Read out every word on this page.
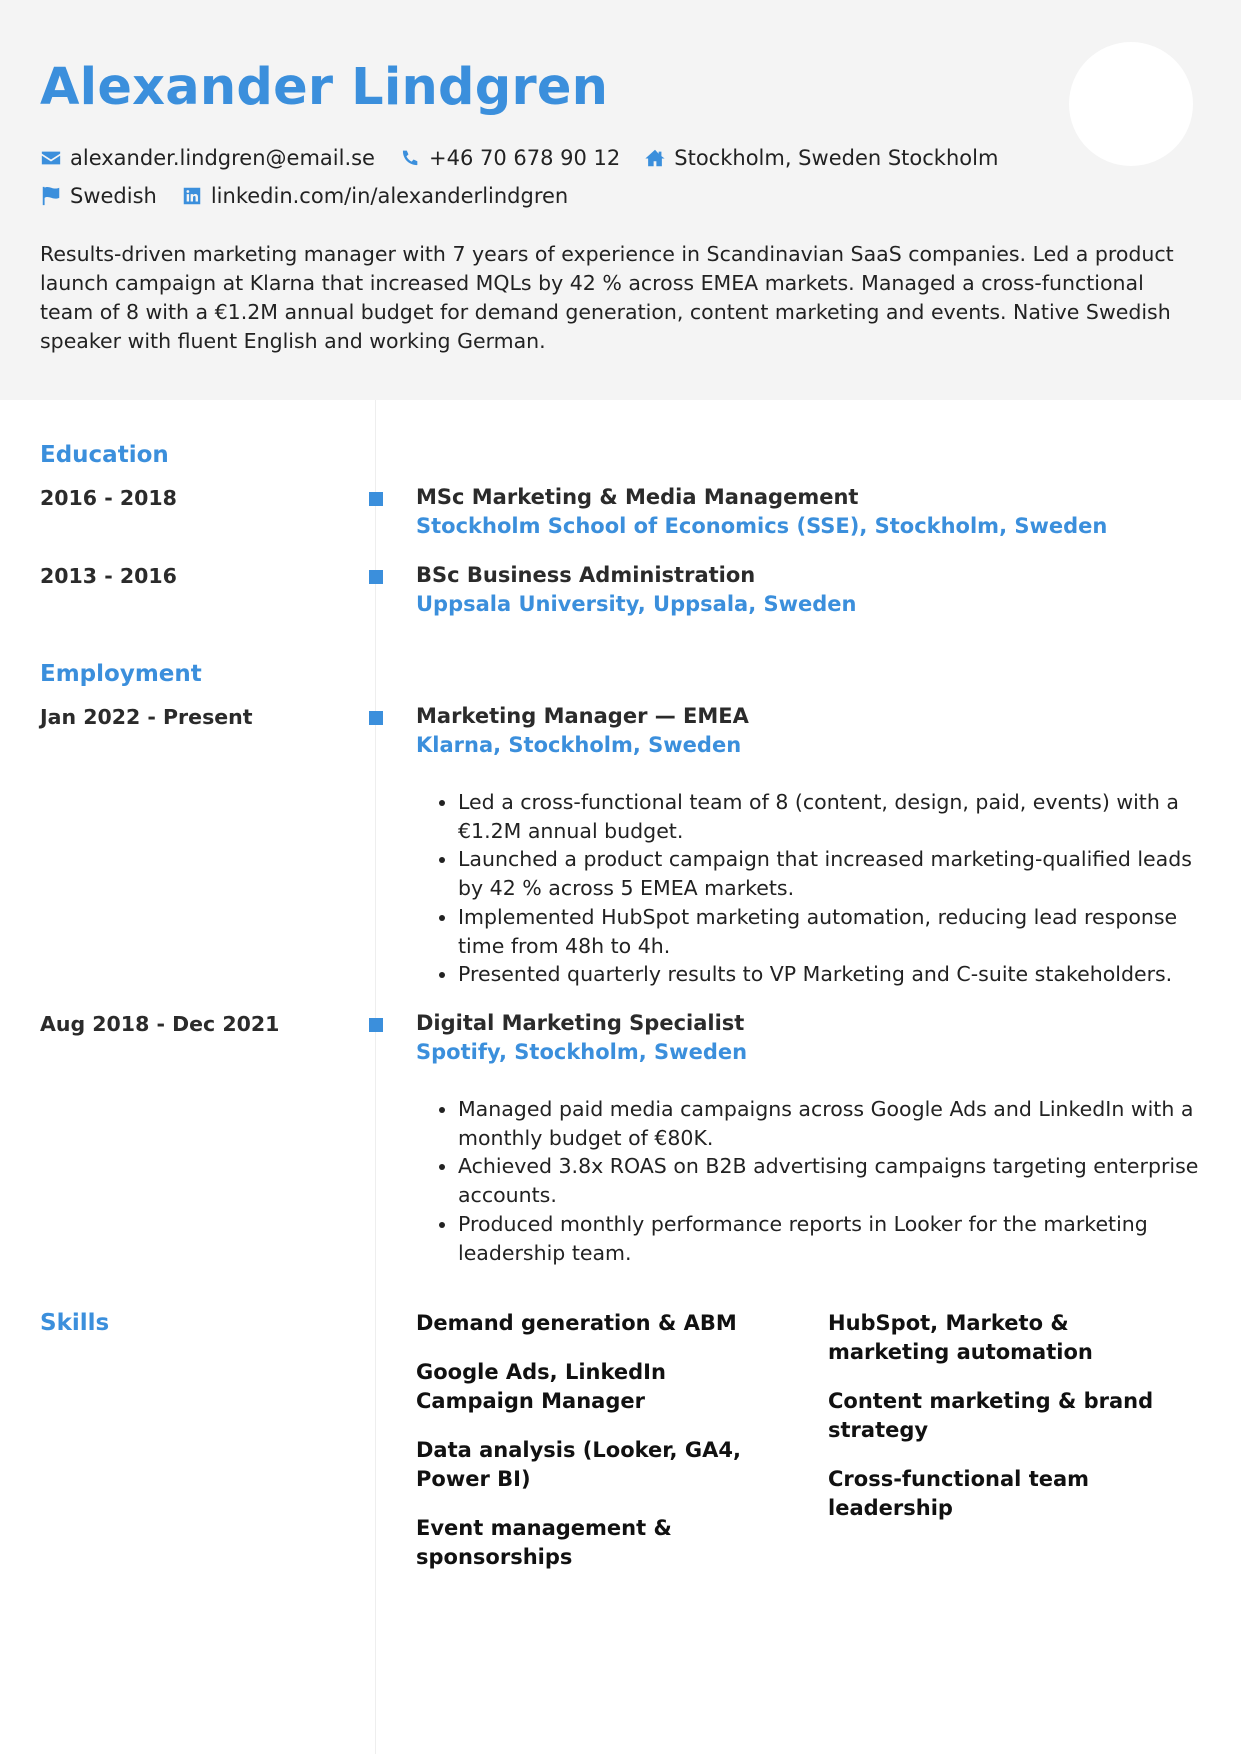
Alexander Lindgren
alexander.lindgren@email.se	+46 70 678 90 12	Stockholm, Sweden Stockholm
Swedish	linkedin.com/in/alexanderlindgren

Results-driven marketing manager with 7 years of experience in Scandinavian SaaS companies. Led a product launch campaign at Klarna that increased MQLs by 42 % across EMEA markets. Managed a cross-functional team of 8 with a €1.2M annual budget for demand generation, content marketing and events. Native Swedish speaker with fluent English and working German.

Education
2016 - 2018	MSc Marketing & Media Management
Stockholm School of Economics (SSE), Stockholm, Sweden
2013 - 2016	BSc Business Administration
Uppsala University, Uppsala, Sweden
Employment
Jan 2022 - Present	Marketing Manager — EMEA
Klarna, Stockholm, Sweden
• Led a cross-functional team of 8 (content, design, paid, events) with a €1.2M annual budget.
• Launched a product campaign that increased marketing-qualified leads by 42 % across 5 EMEA markets.
• Implemented HubSpot marketing automation, reducing lead response time from 48h to 4h.
• Presented quarterly results to VP Marketing and C-suite stakeholders.
Aug 2018 - Dec 2021	Digital Marketing Specialist
Spotify, Stockholm, Sweden
• Managed paid media campaigns across Google Ads and LinkedIn with a monthly budget of €80K.
• Achieved 3.8x ROAS on B2B advertising campaigns targeting enterprise accounts.
• Produced monthly performance reports in Looker for the marketing leadership team.
Skills	Demand generation & ABM
Google Ads, LinkedIn Campaign Manager
Data analysis (Looker, GA4, Power BI)
Event management & sponsorships
HubSpot, Marketo & marketing automation
Content marketing & brand strategy
Cross-functional team leadership
